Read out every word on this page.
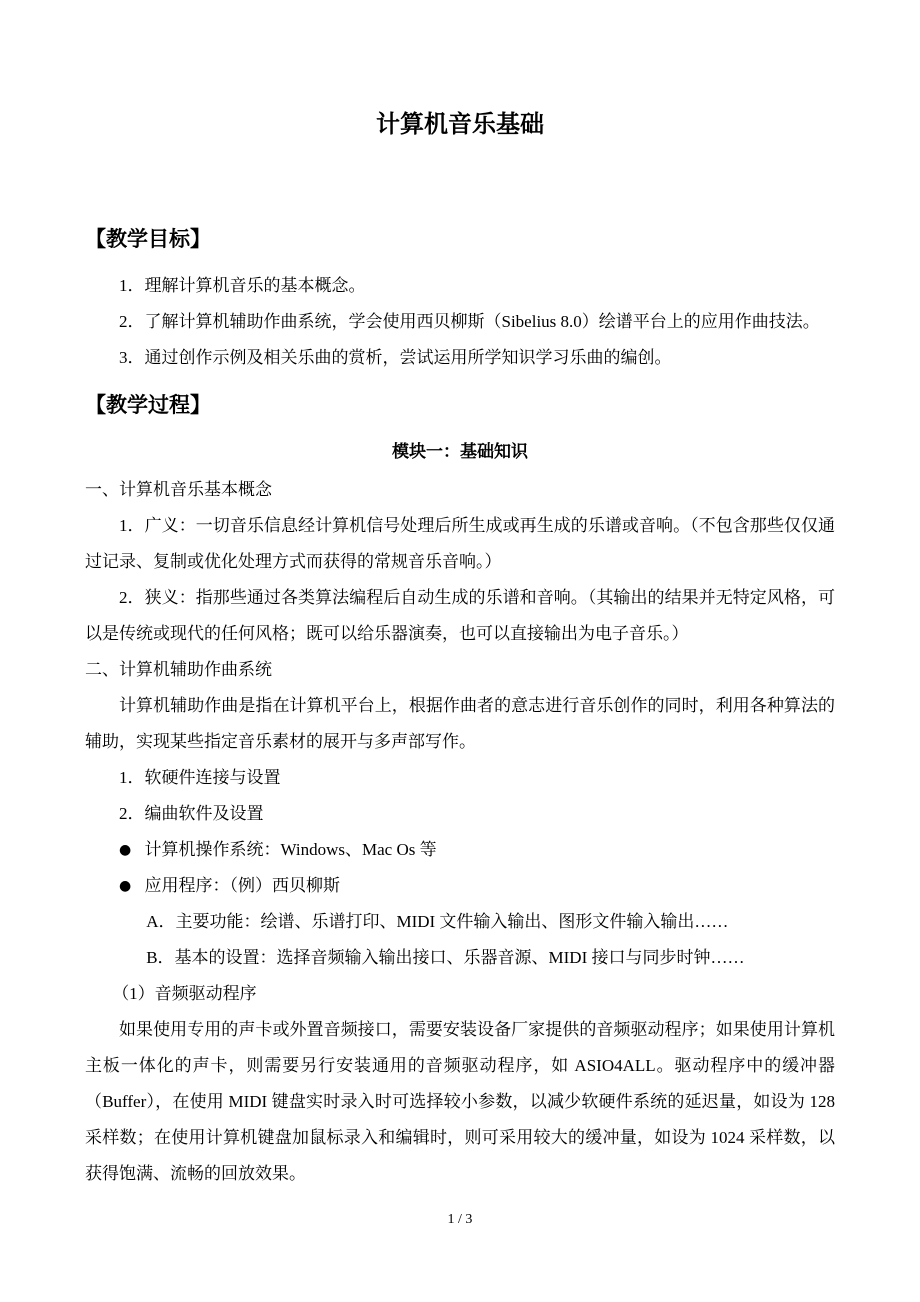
计算机音乐基础
【教学目标】

1．理解计算机音乐的基本概念。

2．了解计算机辅助作曲系统，学会使用西贝柳斯（Sibelius 8.0）绘谱平台上的应用作曲技法。

3．通过创作示例及相关乐曲的赏析，尝试运用所学知识学习乐曲的编创。

【教学过程】
模块一：基础知识

一、计算机音乐基本概念

1．广义：一切音乐信息经计算机信号处理后所生成或再生成的乐谱或音响。（不包含那些仅仅通过记录、复制或优化处理方式而获得的常规音乐音响。）

2．狭义：指那些通过各类算法编程后自动生成的乐谱和音响。（其输出的结果并无特定风格，可以是传统或现代的任何风格；既可以给乐器演奏，也可以直接输出为电子音乐。）

二、计算机辅助作曲系统

计算机辅助作曲是指在计算机平台上，根据作曲者的意志进行音乐创作的同时，利用各种算法的辅助，实现某些指定音乐素材的展开与多声部写作。

1．软硬件连接与设置

2．编曲软件及设置

● 计算机操作系统：Windows、Mac Os 等

● 应用程序：（例）西贝柳斯

A．主要功能：绘谱、乐谱打印、MIDI 文件输入输出、图形文件输入输出……

B．基本的设置：选择音频输入输出接口、乐器音源、MIDI 接口与同步时钟……

（1）音频驱动程序

如果使用专用的声卡或外置音频接口，需要安装设备厂家提供的音频驱动程序；如果使用计算机主板一体化的声卡，则需要另行安装通用的音频驱动程序，如 ASIO4ALL。驱动程序中的缓冲器（Buffer），在使用 MIDI 键盘实时录入时可选择较小参数，以减少软硬件系统的延迟量，如设为 128 采样数；在使用计算机键盘加鼠标录入和编辑时，则可采用较大的缓冲量，如设为 1024 采样数，以获得饱满、流畅的回放效果。

1 / 3
